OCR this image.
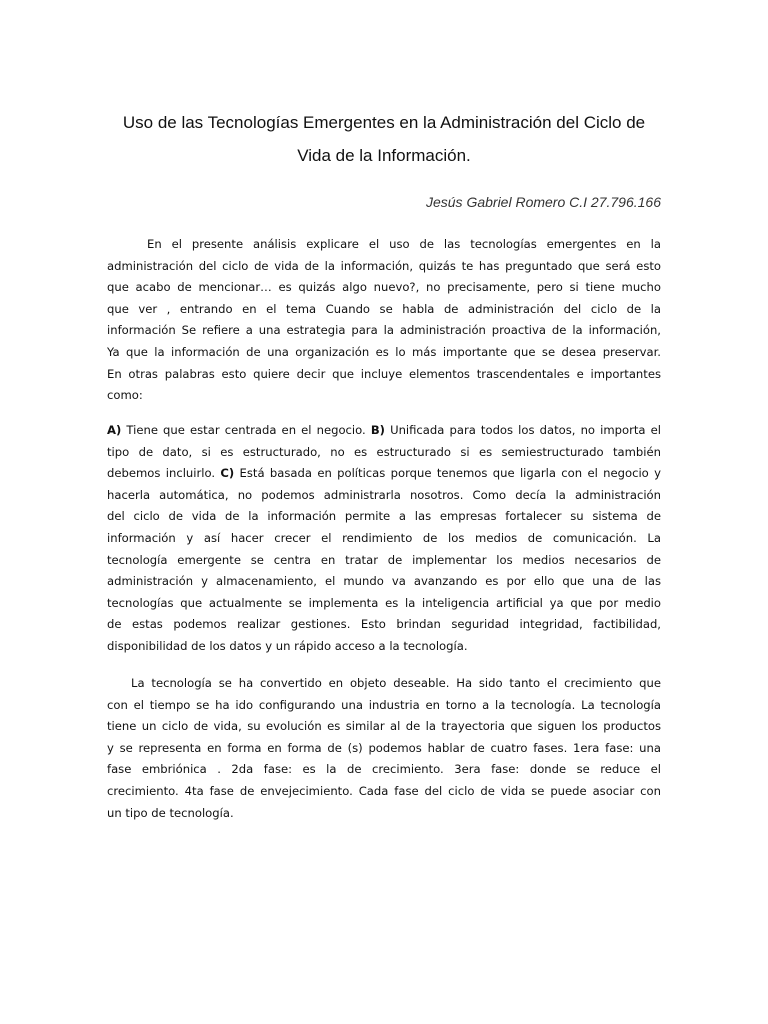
Uso de las Tecnologías Emergentes en la Administración del Ciclo de
Vida de la Información.
Jesús Gabriel Romero C.I 27.796.166
En el presente análisis explicare el uso de las tecnologías emergentes en la
administración del ciclo de vida de la información, quizás te has preguntado que será esto
que acabo de mencionar… es quizás algo nuevo?, no precisamente, pero si tiene mucho
que ver , entrando en el tema Cuando se habla de administración del ciclo de la
información Se refiere a una estrategia para la administración proactiva de la información,
Ya que la información de una organización es lo más importante que se desea preservar.
En otras palabras esto quiere decir que incluye elementos trascendentales e importantes
como:
A) Tiene que estar centrada en el negocio. B) Unificada para todos los datos, no importa el
tipo de dato, si es estructurado, no es estructurado si es semiestructurado también
debemos incluirlo. C) Está basada en políticas porque tenemos que ligarla con el negocio y
hacerla automática, no podemos administrarla nosotros. Como decía la administración
del ciclo de vida de la información permite a las empresas fortalecer su sistema de
información y así hacer crecer el rendimiento de los medios de comunicación. La
tecnología emergente se centra en tratar de implementar los medios necesarios de
administración y almacenamiento, el mundo va avanzando es por ello que una de las
tecnologías que actualmente se implementa es la inteligencia artificial ya que por medio
de estas podemos realizar gestiones. Esto brindan seguridad integridad, factibilidad,
disponibilidad de los datos y un rápido acceso a la tecnología.
La tecnología se ha convertido en objeto deseable. Ha sido tanto el crecimiento que
con el tiempo se ha ido configurando una industria en torno a la tecnología. La tecnología
tiene un ciclo de vida, su evolución es similar al de la trayectoria que siguen los productos
y se representa en forma en forma de (s) podemos hablar de cuatro fases. 1era fase: una
fase embriónica . 2da fase: es la de crecimiento. 3era fase: donde se reduce el
crecimiento. 4ta fase de envejecimiento. Cada fase del ciclo de vida se puede asociar con
un tipo de tecnología.
